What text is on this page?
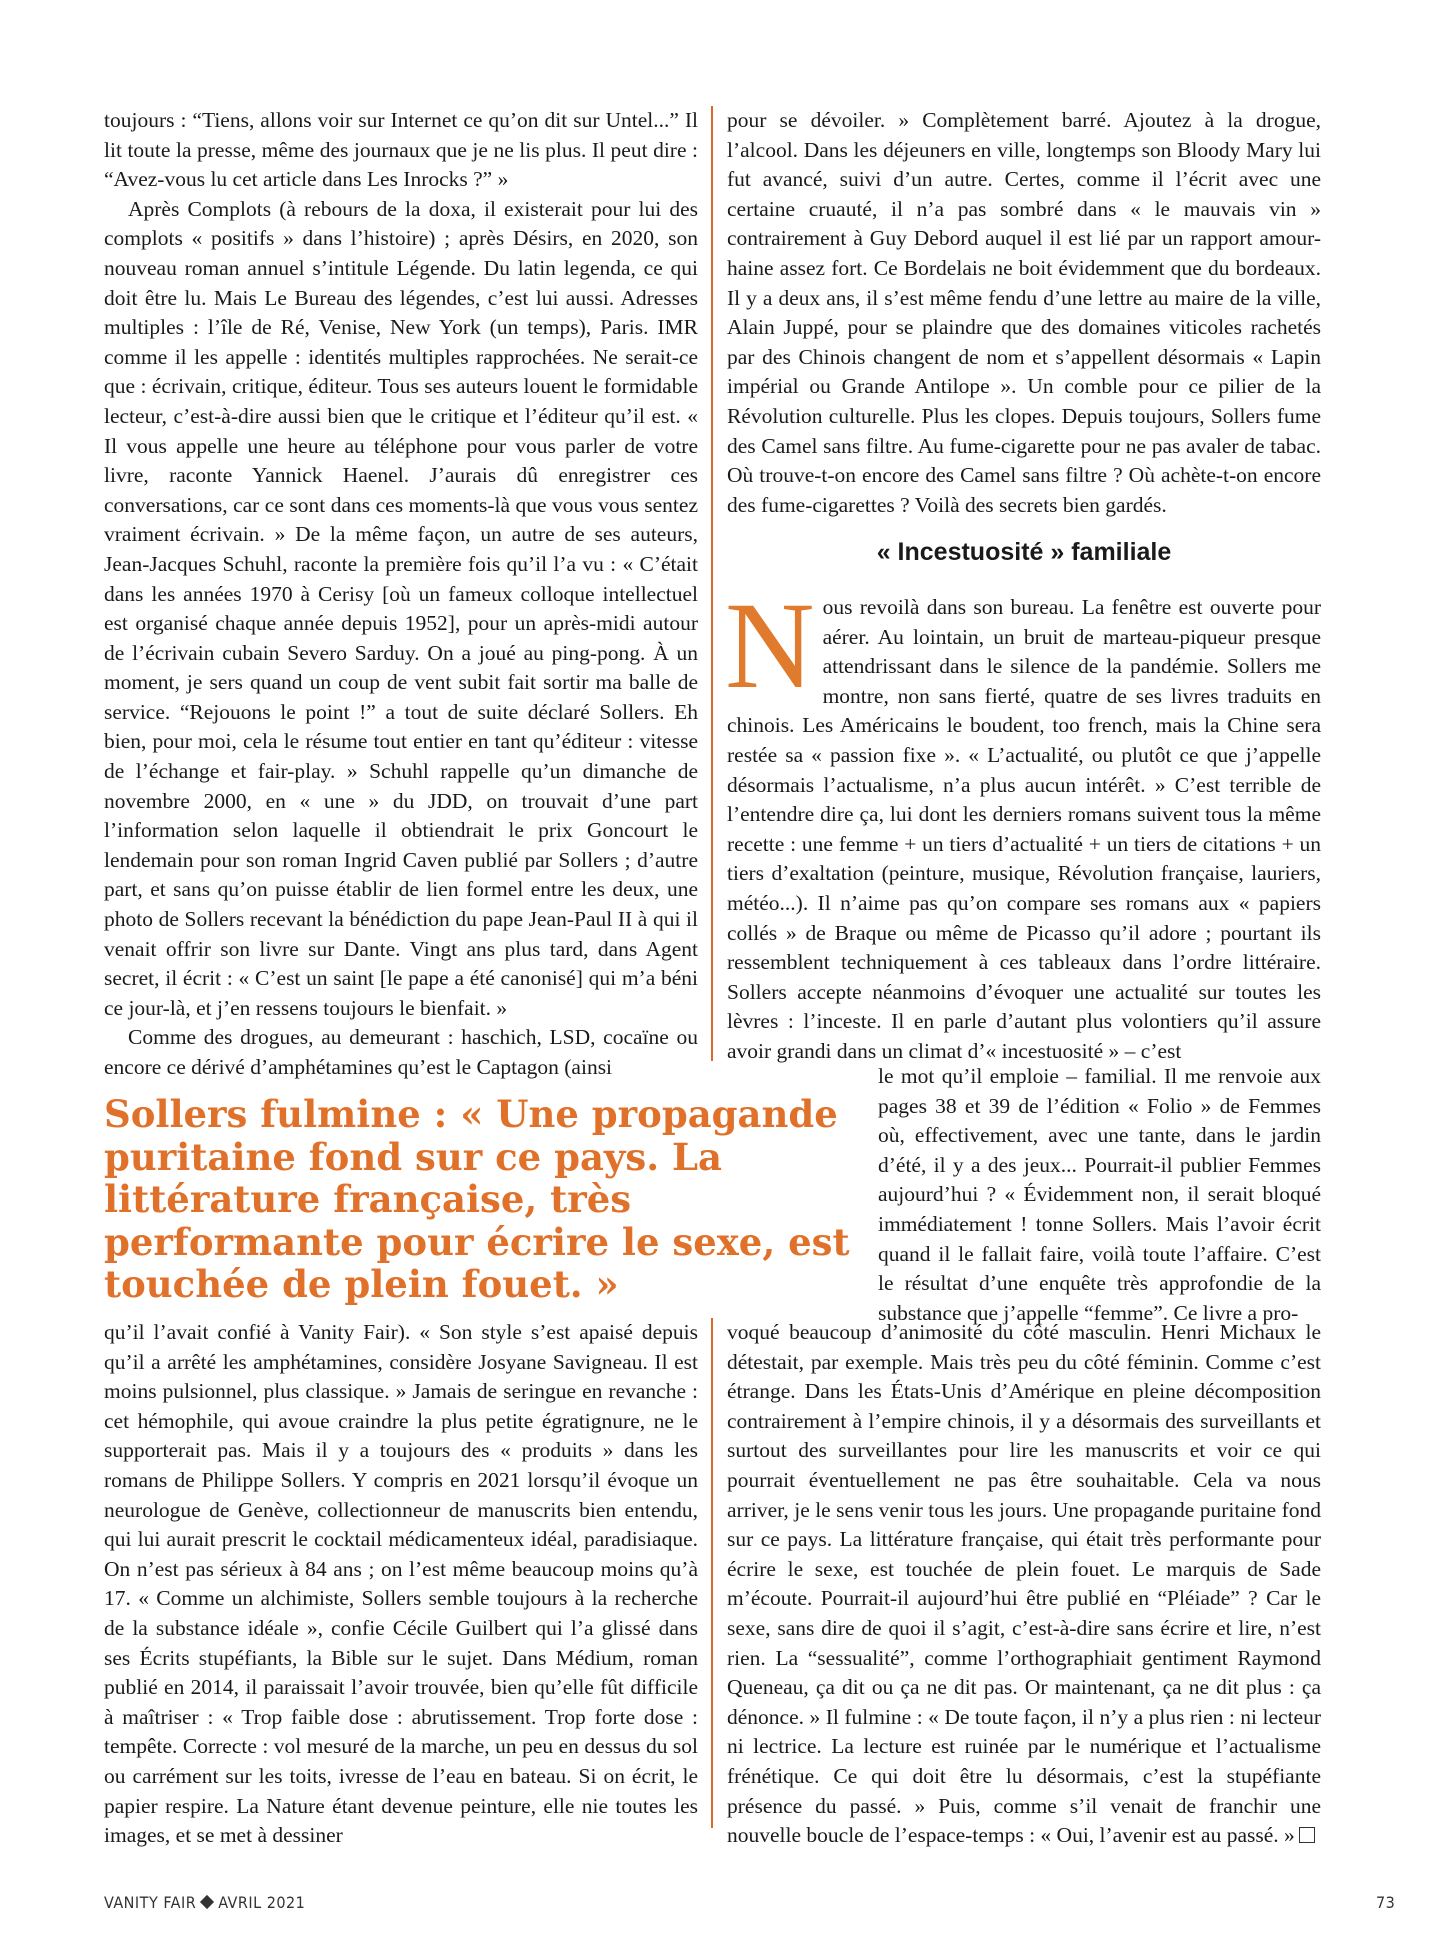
toujours : “Tiens, allons voir sur Internet ce qu’on dit sur Untel...” Il lit toute la presse, même des journaux que je ne lis plus. Il peut dire : “Avez-vous lu cet article dans Les Inrocks ?” »

Après Complots (à rebours de la doxa, il existerait pour lui des complots « positifs » dans l’histoire) ; après Désirs, en 2020, son nouveau roman annuel s’intitule Légende. Du latin legenda, ce qui doit être lu. Mais Le Bureau des légendes, c’est lui aussi. Adresses multiples : l’île de Ré, Venise, New York (un temps), Paris. IMR comme il les appelle : identités multiples rapprochées. Ne serait-ce que : écrivain, critique, éditeur. Tous ses auteurs louent le formidable lecteur, c’est-à-dire aussi bien que le critique et l’éditeur qu’il est. « Il vous appelle une heure au téléphone pour vous parler de votre livre, raconte Yannick Haenel. J’aurais dû enregistrer ces conversations, car ce sont dans ces moments-là que vous vous sentez vraiment écrivain. » De la même façon, un autre de ses auteurs, Jean-Jacques Schuhl, raconte la première fois qu’il l’a vu : « C’était dans les années 1970 à Cerisy [où un fameux colloque intellectuel est organisé chaque année depuis 1952], pour un après-midi autour de l’écrivain cubain Severo Sarduy. On a joué au ping-pong. À un moment, je sers quand un coup de vent subit fait sortir ma balle de service. “Rejouons le point !” a tout de suite déclaré Sollers. Eh bien, pour moi, cela le résume tout entier en tant qu’éditeur : vitesse de l’échange et fair-play. » Schuhl rappelle qu’un dimanche de novembre 2000, en « une » du JDD, on trouvait d’une part l’information selon laquelle il obtiendrait le prix Goncourt le lendemain pour son roman Ingrid Caven publié par Sollers ; d’autre part, et sans qu’on puisse établir de lien formel entre les deux, une photo de Sollers recevant la bénédiction du pape Jean-Paul II à qui il venait offrir son livre sur Dante. Vingt ans plus tard, dans Agent secret, il écrit : « C’est un saint [le pape a été canonisé] qui m’a béni ce jour-là, et j’en ressens toujours le bienfait. »

Comme des drogues, au demeurant : haschich, LSD, cocaïne ou encore ce dérivé d’amphétamines qu’est le Captagon (ainsi

Sollers fulmine : « Une propagande puritaine fond sur ce pays. La littérature française, très performante pour écrire le sexe, est touchée de plein fouet. »

qu’il l’avait confié à Vanity Fair). « Son style s’est apaisé depuis qu’il a arrêté les amphétamines, considère Josyane Savigneau. Il est moins pulsionnel, plus classique. » Jamais de seringue en revanche : cet hémophile, qui avoue craindre la plus petite égratignure, ne le supporterait pas. Mais il y a toujours des « produits » dans les romans de Philippe Sollers. Y compris en 2021 lorsqu’il évoque un neurologue de Genève, collectionneur de manuscrits bien entendu, qui lui aurait prescrit le cocktail médicamenteux idéal, paradisiaque. On n’est pas sérieux à 84 ans ; on l’est même beaucoup moins qu’à 17. « Comme un alchimiste, Sollers semble toujours à la recherche de la substance idéale », confie Cécile Guilbert qui l’a glissé dans ses Écrits stupéfiants, la Bible sur le sujet. Dans Médium, roman publié en 2014, il paraissait l’avoir trouvée, bien qu’elle fût difficile à maîtriser : « Trop faible dose : abrutissement. Trop forte dose : tempête. Correcte : vol mesuré de la marche, un peu en dessus du sol ou carrément sur les toits, ivresse de l’eau en bateau. Si on écrit, le papier respire. La Nature étant devenue peinture, elle nie toutes les images, et se met à dessiner

pour se dévoiler. » Complètement barré. Ajoutez à la drogue, l’alcool. Dans les déjeuners en ville, longtemps son Bloody Mary lui fut avancé, suivi d’un autre. Certes, comme il l’écrit avec une certaine cruauté, il n’a pas sombré dans « le mauvais vin » contrairement à Guy Debord auquel il est lié par un rapport amour-haine assez fort. Ce Bordelais ne boit évidemment que du bordeaux. Il y a deux ans, il s’est même fendu d’une lettre au maire de la ville, Alain Juppé, pour se plaindre que des domaines viticoles rachetés par des Chinois changent de nom et s’appellent désormais « Lapin impérial ou Grande Antilope ». Un comble pour ce pilier de la Révolution culturelle. Plus les clopes. Depuis toujours, Sollers fume des Camel sans filtre. Au fume-cigarette pour ne pas avaler de tabac. Où trouve-t-on encore des Camel sans filtre ? Où achète-t-on encore des fume-cigarettes ? Voilà des secrets bien gardés.

« Incestuosité » familiale

Nous revoilà dans son bureau. La fenêtre est ouverte pour aérer. Au lointain, un bruit de marteau-piqueur presque attendrissant dans le silence de la pandémie. Sollers me montre, non sans fierté, quatre de ses livres traduits en chinois. Les Américains le boudent, too french, mais la Chine sera restée sa « passion fixe ». « L’actualité, ou plutôt ce que j’appelle désormais l’actualisme, n’a plus aucun intérêt. » C’est terrible de l’entendre dire ça, lui dont les derniers romans suivent tous la même recette : une femme + un tiers d’actualité + un tiers de citations + un tiers d’exaltation (peinture, musique, Révolution française, lauriers, météo...). Il n’aime pas qu’on compare ses romans aux « papiers collés » de Braque ou même de Picasso qu’il adore ; pourtant ils ressemblent techniquement à ces tableaux dans l’ordre littéraire. Sollers accepte néanmoins d’évoquer une actualité sur toutes les lèvres : l’inceste. Il en parle d’autant plus volontiers qu’il assure avoir grandi dans un climat d’« incestuosité » – c’est

le mot qu’il emploie – familial. Il me renvoie aux pages 38 et 39 de l’édition « Folio » de Femmes où, effectivement, avec une tante, dans le jardin d’été, il y a des jeux... Pourrait-il publier Femmes aujourd’hui ? « Évidemment non, il serait bloqué immédiatement ! tonne Sollers. Mais l’avoir écrit quand il le fallait faire, voilà toute l’affaire. C’est le résultat d’une enquête très approfondie de la substance que j’appelle “femme”. Ce livre a pro-

voqué beaucoup d’animosité du côté masculin. Henri Michaux le détestait, par exemple. Mais très peu du côté féminin. Comme c’est étrange. Dans les États-Unis d’Amérique en pleine décomposition contrairement à l’empire chinois, il y a désormais des surveillants et surtout des surveillantes pour lire les manuscrits et voir ce qui pourrait éventuellement ne pas être souhaitable. Cela va nous arriver, je le sens venir tous les jours. Une propagande puritaine fond sur ce pays. La littérature française, qui était très performante pour écrire le sexe, est touchée de plein fouet. Le marquis de Sade m’écoute. Pourrait-il aujourd’hui être publié en “Pléiade” ? Car le sexe, sans dire de quoi il s’agit, c’est-à-dire sans écrire et lire, n’est rien. La “sessualité”, comme l’orthographiait gentiment Raymond Queneau, ça dit ou ça ne dit pas. Or maintenant, ça ne dit plus : ça dénonce. » Il fulmine : « De toute façon, il n’y a plus rien : ni lecteur ni lectrice. La lecture est ruinée par le numérique et l’actualisme frénétique. Ce qui doit être lu désormais, c’est la stupéfiante présence du passé. » Puis, comme s’il venait de franchir une nouvelle boucle de l’espace-temps : « Oui, l’avenir est au passé. »

VANITY FAIR AVRIL 2021	73
